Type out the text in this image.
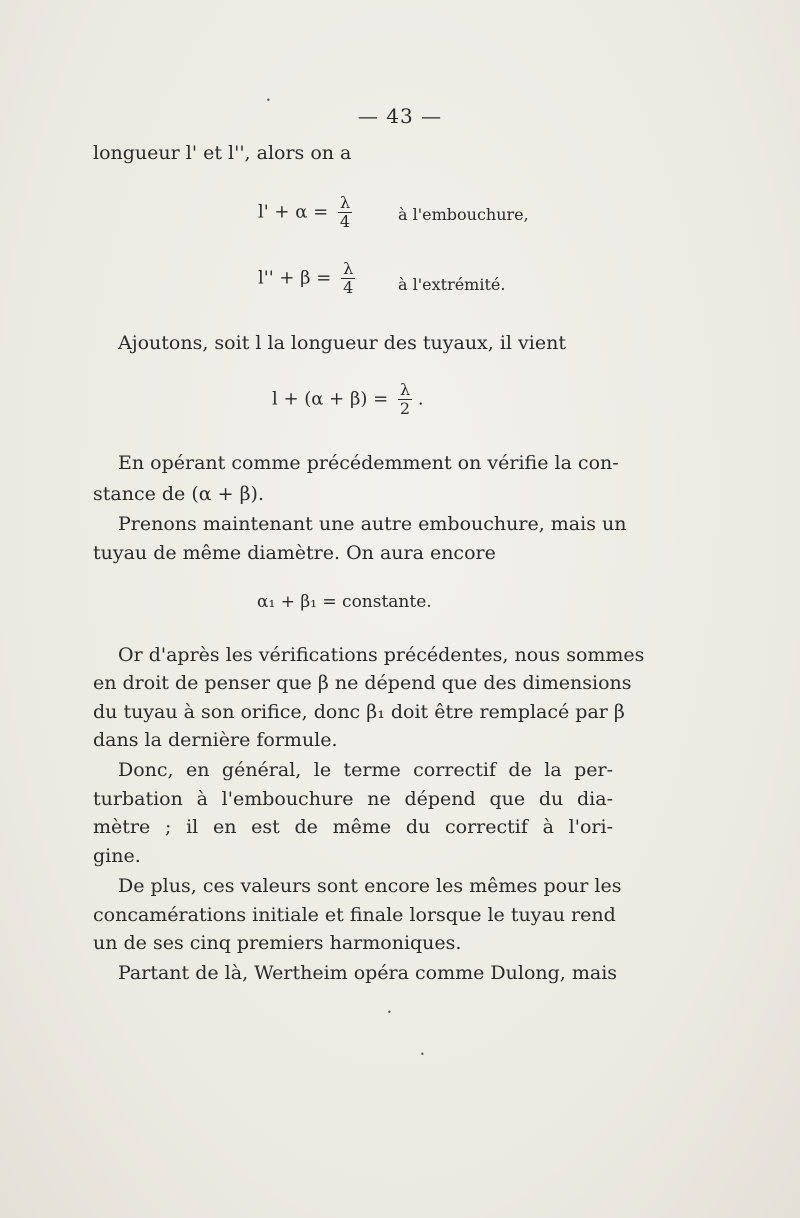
— 43 —
longueur l' et l'', alors on a
$l' + \alpha = \frac{\lambda}{4}$	à l'embouchure,
$l'' + \beta = \frac{\lambda}{4}$	à l'extrémité.
Ajoutons, soit l la longueur des tuyaux, il vient
$l + (\alpha + \beta) = \frac{\lambda}{2}$ .
En opérant comme précédemment on vérifie la con-
stance de (α + β).
Prenons maintenant une autre embouchure, mais un
tuyau de même diamètre. On aura encore
α₁ + β₁ = constante.
Or d'après les vérifications précédentes, nous sommes
en droit de penser que β ne dépend que des dimensions
du tuyau à son orifice, donc β₁ doit être remplacé par β
dans la dernière formule.
Donc, en général, le terme correctif de la per-
turbation à l'embouchure ne dépend que du dia-
mètre ; il en est de même du correctif à l'ori-
gine.
De plus, ces valeurs sont encore les mêmes pour les
concamérations initiale et finale lorsque le tuyau rend
un de ses cinq premiers harmoniques.
Partant de là, Wertheim opéra comme Dulong, mais
•
•
•
